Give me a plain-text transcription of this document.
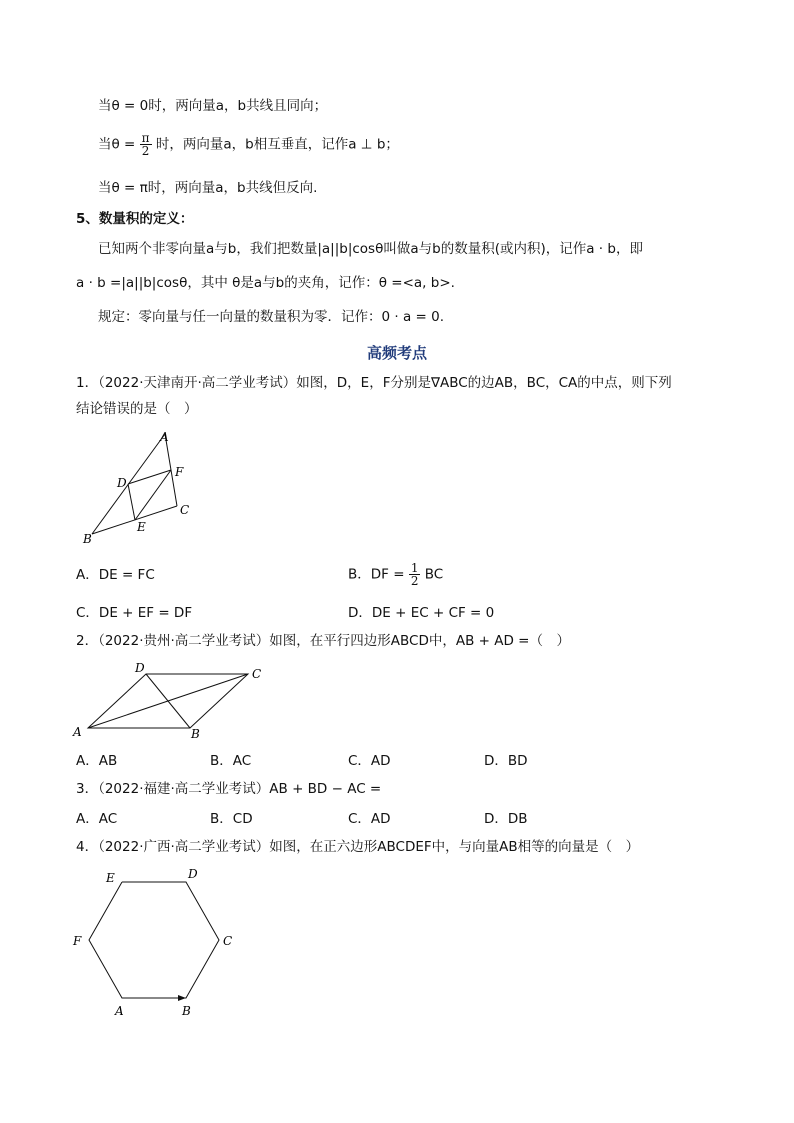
当θ = 0时，两向量a，b共线且同向；
当$\theta = \frac{\pi}{2}$ 时，两向量a，b相互垂直，记作a ⊥ b；
当θ = π时，两向量a，b共线但反向.
5、数量积的定义：
已知两个非零向量a与b，我们把数量|a||b|cosθ叫做a与b的数量积(或内积)，记作a · b，即
a · b =|a||b|cosθ，其中 θ是a与b的夹角，记作：θ =<a, b>.
规定：零向量与任一向量的数量积为零．记作：0 · a = 0.
高频考点
1．（2022·天津南开·高二学业考试）如图，D，E，F分别是∇ABC的边AB，BC，CA的中点，则下列
结论错误的是（　）
A
F
D
C
E
B
A．DE = FC	B．DF = $\frac{1}{2}$ BC
C．DE + EF = DF	D．DE + EC + CF = 0
2．（2022·贵州·高二学业考试）如图，在平行四边形ABCD中，AB + AD =（　）
D	C
A	B
A．AB	B．AC	C．AD	D．BD
3．（2022·福建·高二学业考试）AB + BD − AC =
A．AC	B．CD	C．AD	D．DB
4．（2022·广西·高二学业考试）如图，在正六边形ABCDEF中，与向量AB相等的向量是（　）
E	D
F	C
A	B
